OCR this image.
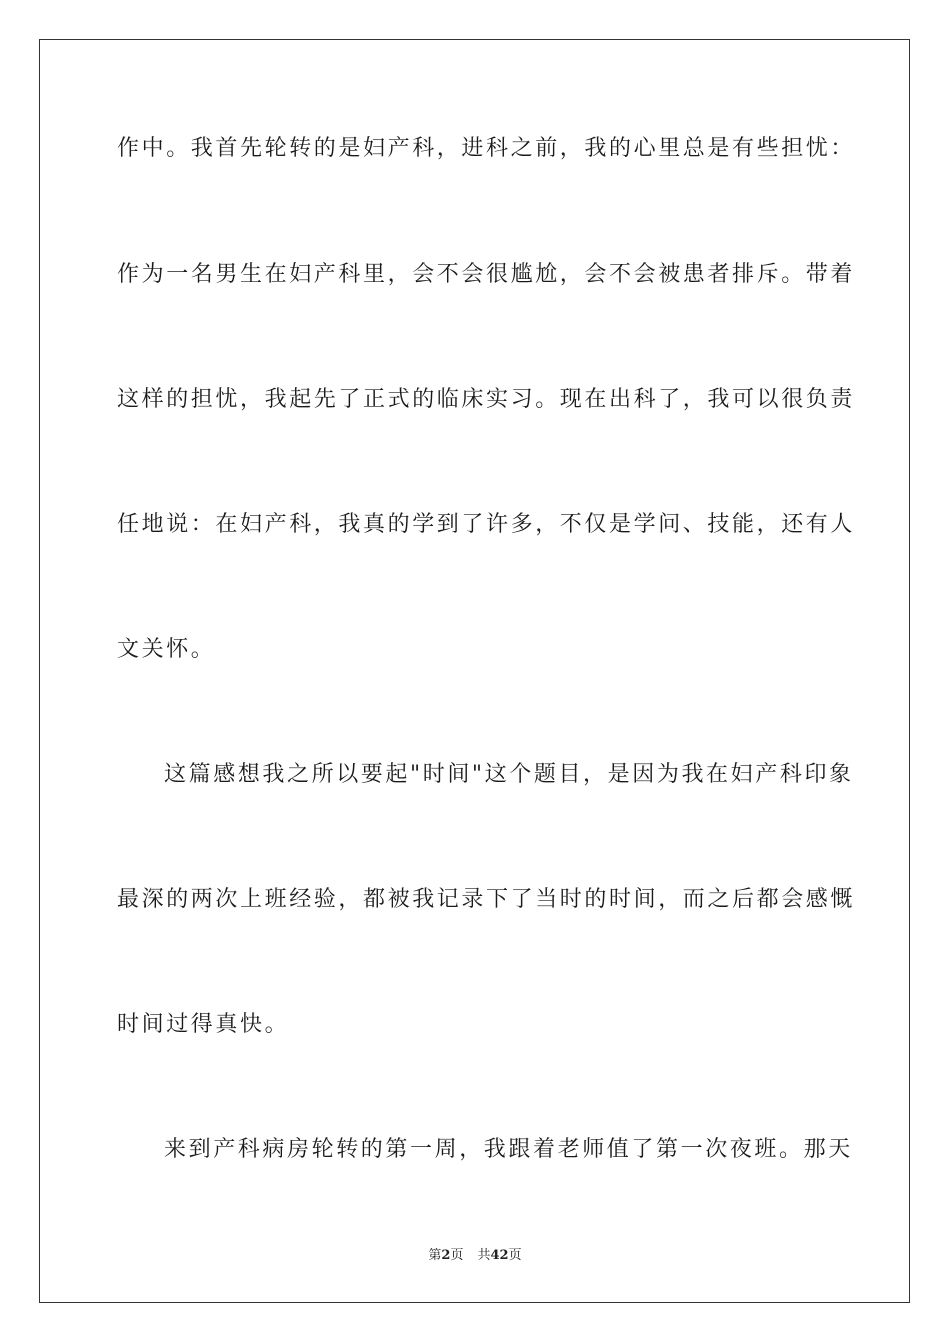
作中。我首先轮转的是妇产科，进科之前，我的心里总是有些担忧：
作为一名男生在妇产科里，会不会很尴尬，会不会被患者排斥。带着
这样的担忧，我起先了正式的临床实习。现在出科了，我可以很负责
任地说：在妇产科，我真的学到了许多，不仅是学问、技能，还有人
文关怀。
这篇感想我之所以要起"时间"这个题目，是因为我在妇产科印象
最深的两次上班经验，都被我记录下了当时的时间，而之后都会感慨
时间过得真快。
来到产科病房轮转的第一周，我跟着老师值了第一次夜班。那天
第2页 共42页
